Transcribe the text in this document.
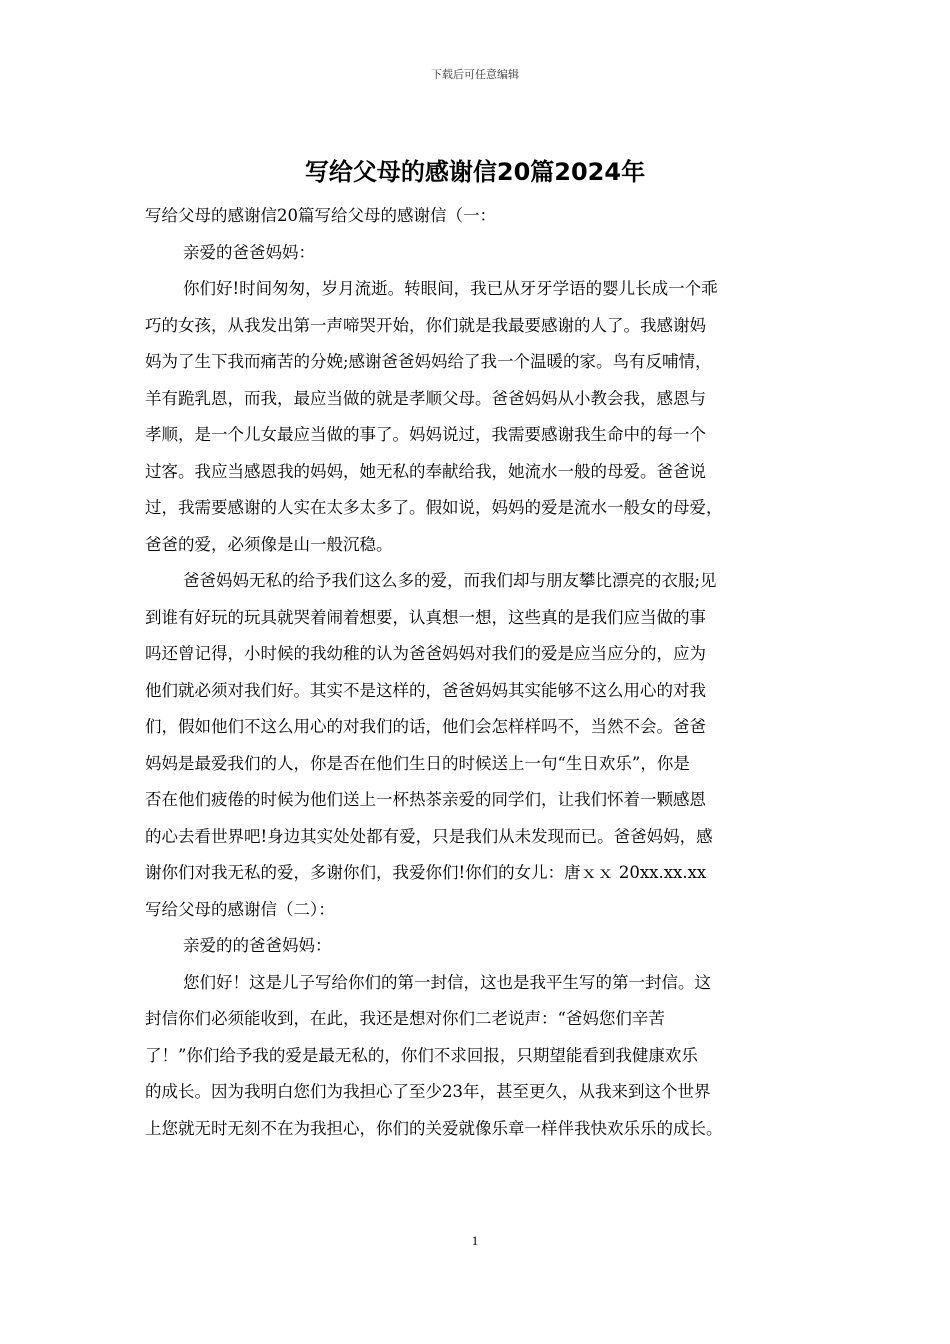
下载后可任意编辑
写给父母的感谢信20篇2024年
写给父母的感谢信20篇写给父母的感谢信（一：
亲爱的爸爸妈妈：
你们好!时间匆匆，岁月流逝。转眼间，我已从牙牙学语的婴儿长成一个乖
巧的女孩，从我发出第一声啼哭开始，你们就是我最要感谢的人了。我感谢妈
妈为了生下我而痛苦的分娩;感谢爸爸妈妈给了我一个温暖的家。鸟有反哺情，
羊有跪乳恩，而我，最应当做的就是孝顺父母。爸爸妈妈从小教会我，感恩与
孝顺，是一个儿女最应当做的事了。妈妈说过，我需要感谢我生命中的每一个
过客。我应当感恩我的妈妈，她无私的奉献给我，她流水一般的母爱。爸爸说
过，我需要感谢的人实在太多太多了。假如说，妈妈的爱是流水一般女的母爱，
爸爸的爱，必须像是山一般沉稳。
爸爸妈妈无私的给予我们这么多的爱，而我们却与朋友攀比漂亮的衣服;见
到谁有好玩的玩具就哭着闹着想要，认真想一想，这些真的是我们应当做的事
吗还曾记得，小时候的我幼稚的认为爸爸妈妈对我们的爱是应当应分的，应为
他们就必须对我们好。其实不是这样的，爸爸妈妈其实能够不这么用心的对我
们，假如他们不这么用心的对我们的话，他们会怎样样吗不，当然不会。爸爸
妈妈是最爱我们的人，你是否在他们生日的时候送上一句“生日欢乐”，你是
否在他们疲倦的时候为他们送上一杯热茶亲爱的同学们，让我们怀着一颗感恩
的心去看世界吧!身边其实处处都有爱，只是我们从未发现而已。爸爸妈妈，感
谢你们对我无私的爱，多谢你们，我爱你们!你们的女儿：唐ｘｘ 20xx.xx.xx
写给父母的感谢信（二）：
亲爱的的爸爸妈妈：
您们好！这是儿子写给你们的第一封信，这也是我平生写的第一封信。这
封信你们必须能收到，在此，我还是想对你们二老说声：“爸妈您们辛苦
了！”你们给予我的爱是最无私的，你们不求回报，只期望能看到我健康欢乐
的成长。因为我明白您们为我担心了至少23年，甚至更久，从我来到这个世界
上您就无时无刻不在为我担心，你们的关爱就像乐章一样伴我快欢乐乐的成长。
1
